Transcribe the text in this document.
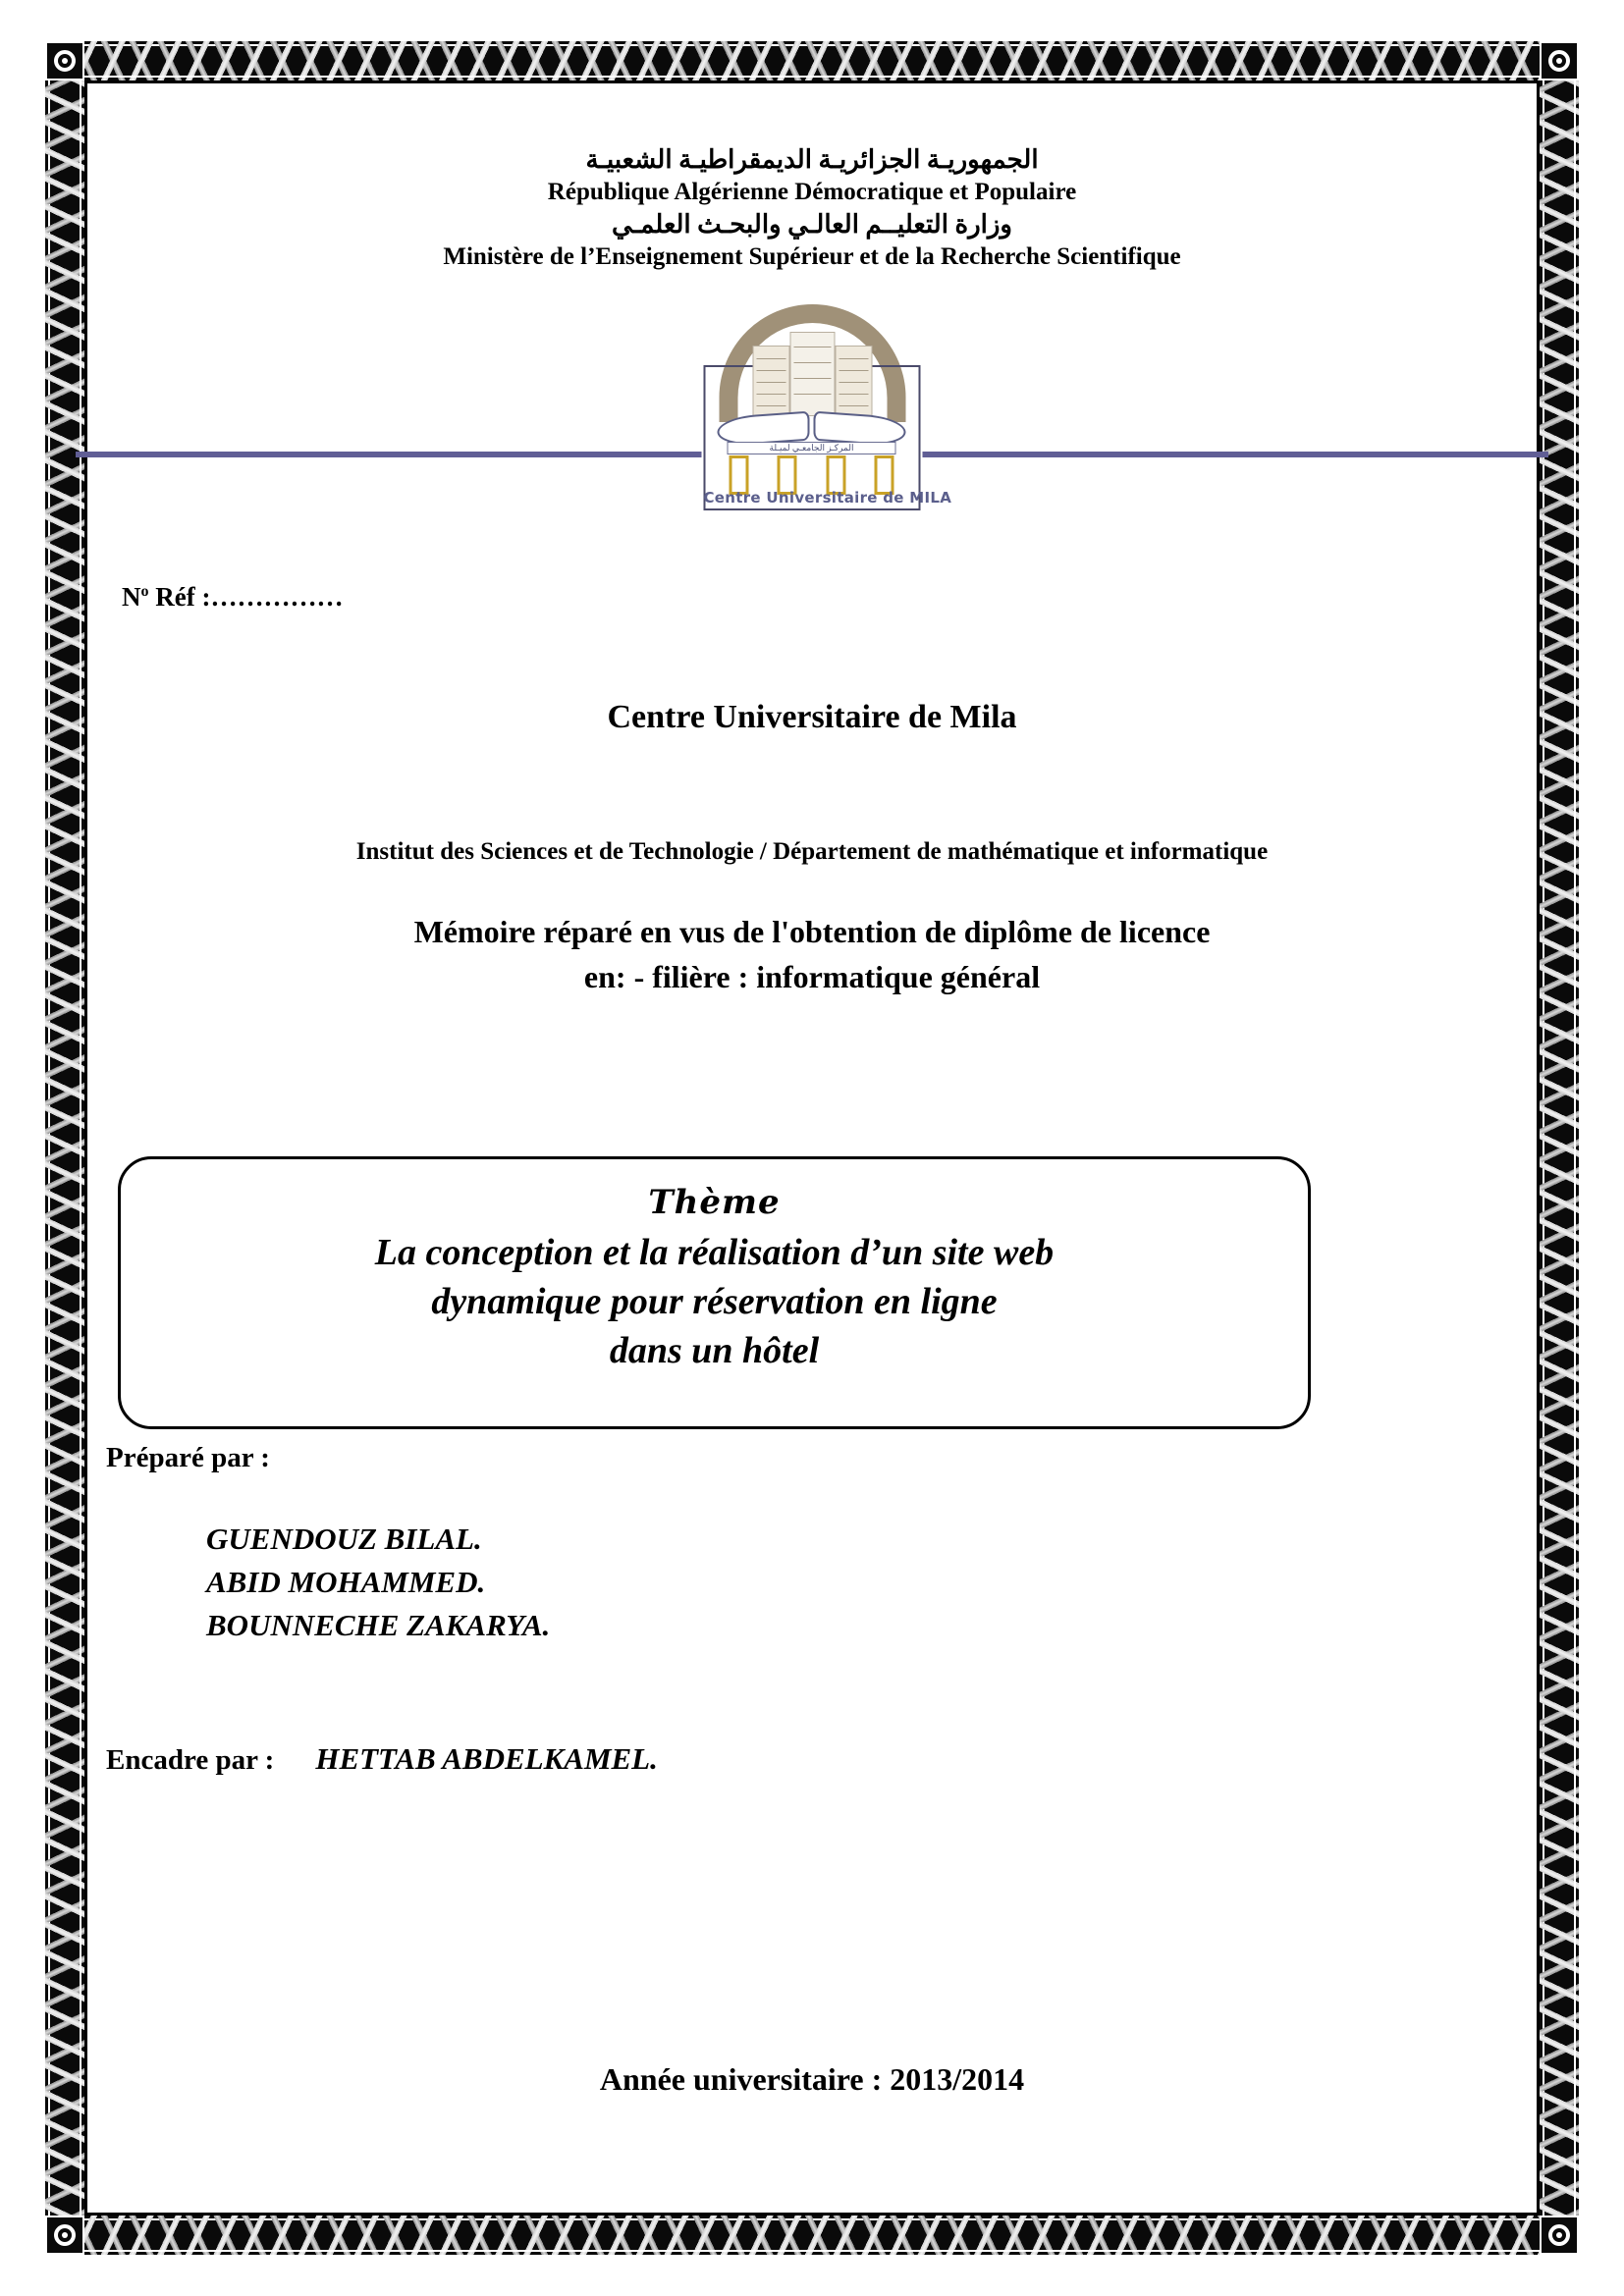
الجمهوريـة الجزائريـة الديمقراطيـة الشعبيـة
République Algérienne Démocratique et Populaire
وزارة التعليــم العالـي والبحـث العلمـي
Ministère de l’Enseignement Supérieur et de la Recherche Scientifique
المركـز الجامعـي لميـلة
Centre Universitaire de MILA
$N^o$ Réf :……………
Centre Universitaire de Mila
Institut des Sciences et de Technologie / Département de mathématique et informatique
Mémoire réparé en vus de l'obtention de diplôme de licence
en: - filière : informatique général
Thème
La conception et la réalisation d’un site web
dynamique pour réservation en ligne
dans un hôtel
Préparé par :
GUENDOUZ BILAL.
ABID MOHAMMED.
BOUNNECHE ZAKARYA.
Encadre par : HETTAB ABDELKAMEL.
Année universitaire : 2013/2014
